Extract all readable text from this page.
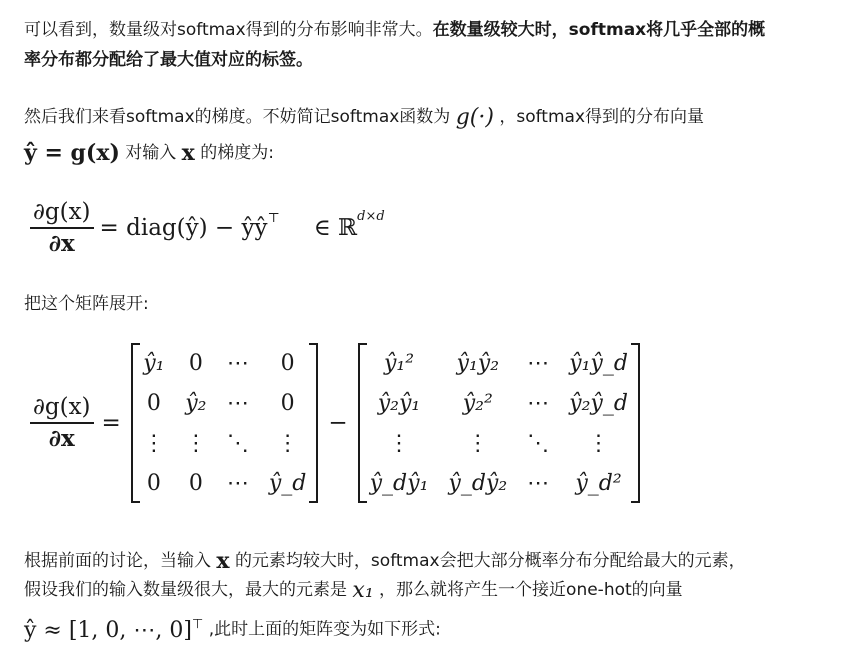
可以看到，数量级对softmax得到的分布影响非常大。在数量级较大时，softmax将几乎全部的概
率分布都分配给了最大值对应的标签。
然后我们来看softmax的梯度。不妨简记softmax函数为 g(·) ，softmax得到的分布向量
ŷ = g(x) 对输入 x 的梯度为:
$\frac{\partial g(x)}{\partial x}$ = diag(ŷ) − ŷŷ⊤ ∈ ℝ$^{d\times d}$
把这个矩阵展开:
$\frac{\partial g(x)}{\partial x}$ =
ŷ₁	0	⋯	0
0	ŷ₂	⋯	0
⋮	⋮	⋱	⋮
0	0	⋯	ŷ_d
−
ŷ₁²	ŷ₁ŷ₂	⋯	ŷ₁ŷ_d
ŷ₂ŷ₁	ŷ₂²	⋯	ŷ₂ŷ_d
⋮	⋮	⋱	⋮
ŷ_dŷ₁	ŷ_dŷ₂	⋯	ŷ_d²
根据前面的讨论，当输入 x 的元素均较大时，softmax会把大部分概率分布分配给最大的元素，
假设我们的输入数量级很大，最大的元素是 x₁ ，那么就将产生一个接近one-hot的向量
ŷ ≈ [1, 0, ⋯, 0]⊤ ,此时上面的矩阵变为如下形式:
